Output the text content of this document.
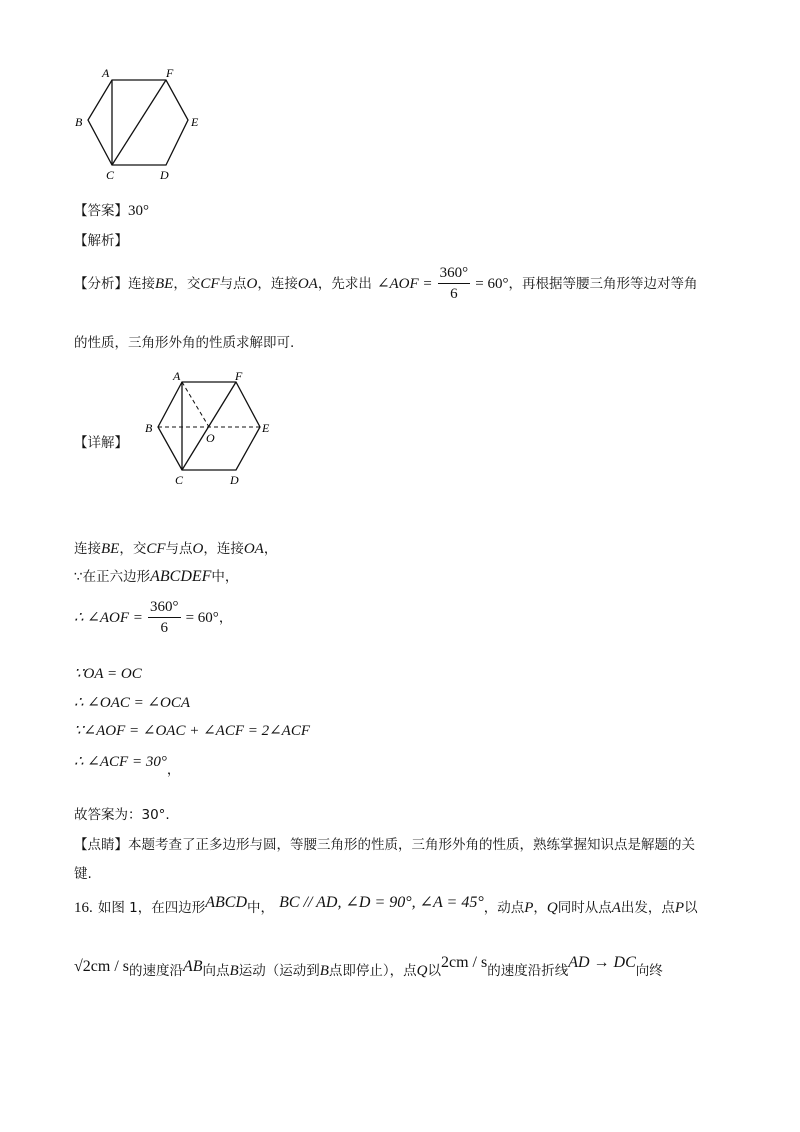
A	F
B	E
C	D
【答案】30°
【解析】
【分析】连接BE，交CF与点O，连接OA，先求出 ∠AOF = $\frac{360^\circ}{6} = 60^\circ$，再根据等腰三角形等边对等角
的性质，三角形外角的性质求解即可.
【详解】
A	F
B	E
O
C	D
连接BE，交CF与点O，连接OA，
∵在正六边形ABCDEF中，
∴ ∠AOF = $\frac{360^\circ}{6} = 60^\circ$，
∵OA = OC
∴ ∠OAC = ∠OCA
∵∠AOF = ∠OAC + ∠ACF = 2∠ACF
∴ ∠ACF = $30^\circ_,$
故答案为：30°.
【点睛】本题考查了正多边形与圆，等腰三角形的性质，三角形外角的性质，熟练掌握知识点是解题的关
键.
16. 如图 1，在四边形ABCD中， BC // AD, ∠D = 90°, ∠A = 45°，动点P，Q同时从点A出发，点P以
$√2cm / s_{的速度沿}AB_{向点}B_{运动(运动到}B_{点即停止),点}Q_以2cm / s_{的速度沿折线}AD \to DC_{向终}$
